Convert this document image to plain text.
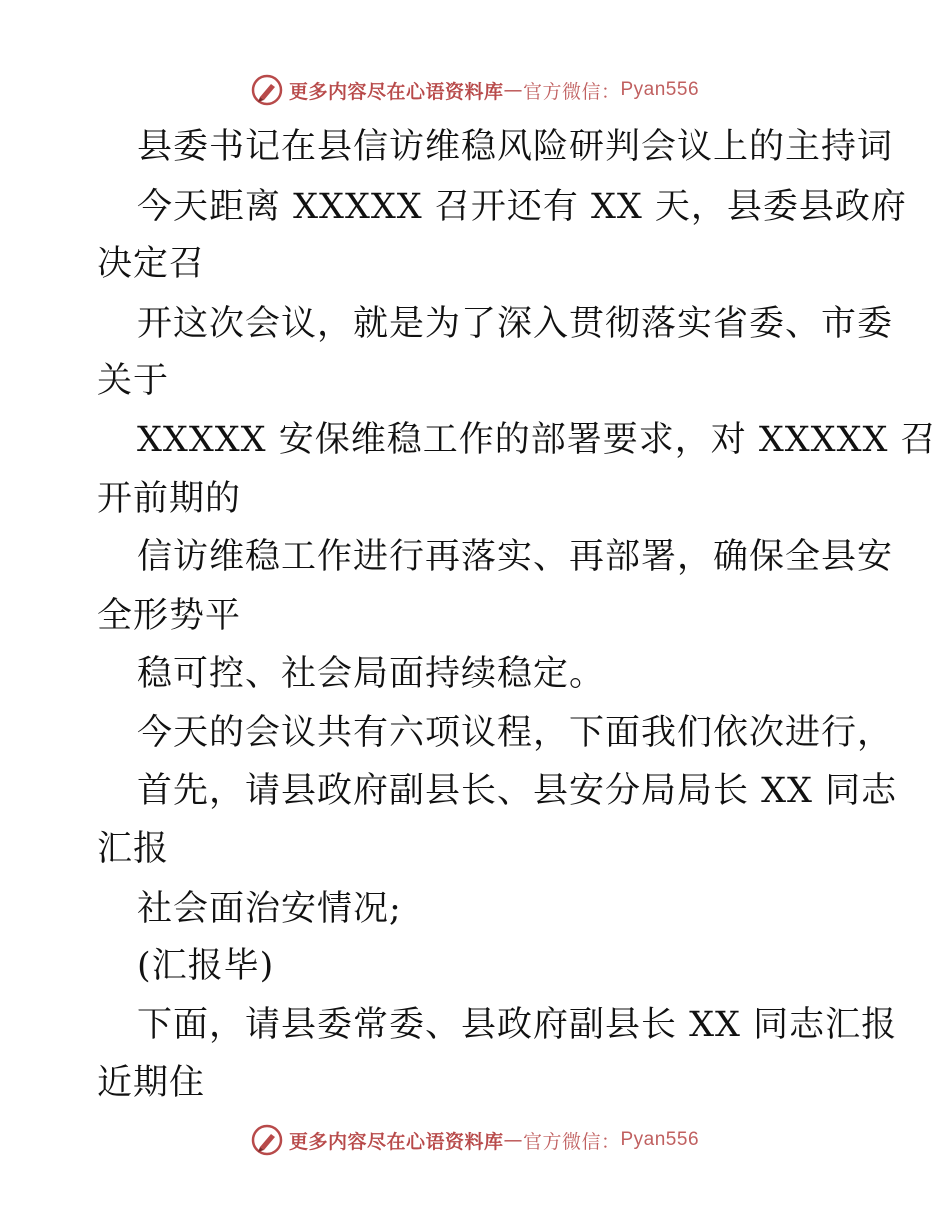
更多内容尽在心语资料库 — 官方微信： Pyan556
县委书记在县信访维稳风险研判会议上的主持词
今天距离 XXXXX 召开还有 XX 天，县委县政府
决定召
开这次会议，就是为了深入贯彻落实省委、市委
关于
XXXXX 安保维稳工作的部署要求，对 XXXXX 召
开前期的
信访维稳工作进行再落实、再部署，确保全县安
全形势平
稳可控、社会局面持续稳定。
今天的会议共有六项议程，下面我们依次进行，
首先，请县政府副县长、县安分局局长 XX 同志
汇报
社会面治安情况;
(汇报毕)
下面，请县委常委、县政府副县长 XX 同志汇报
近期住
更多内容尽在心语资料库 — 官方微信： Pyan556
